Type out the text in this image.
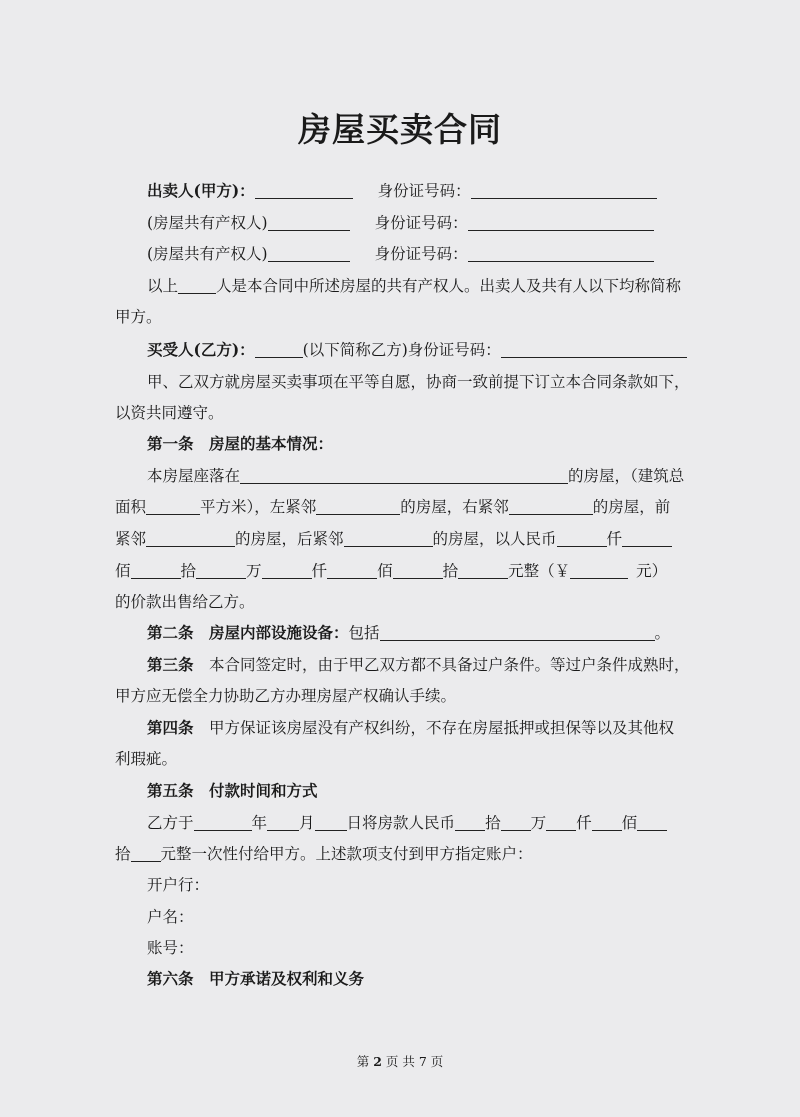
房屋买卖合同
出卖人(甲方)：	身份证号码：
(房屋共有产权人)	身份证号码：
(房屋共有产权人)	身份证号码：
以上 人是本合同中所述房屋的共有产权人。出卖人及共有人以下均称简称
甲方。
买受人(乙方)：	(以下简称乙方)身份证号码：
甲、乙双方就房屋买卖事项在平等自愿，协商一致前提下订立本合同条款如下，
以资共同遵守。
第一条　房屋的基本情况：
本房屋座落在	的房屋，（建筑总
面积	平方米），左紧邻	的房屋，右紧邻	的房屋，前
紧邻	的房屋，后紧邻	的房屋，以人民币	仟
佰	拾	万	仟	佰	拾	元整（￥	元）
的价款出售给乙方。
第二条　房屋内部设施设备：包括	。
第三条　本合同签定时，由于甲乙双方都不具备过户条件。等过户条件成熟时，
甲方应无偿全力协助乙方办理房屋产权确认手续。
第四条　甲方保证该房屋没有产权纠纷，不存在房屋抵押或担保等以及其他权
利瑕疵。
第五条　付款时间和方式
乙方于	年 月 日将房款人民币 拾 万 仟 佰
拾 元整一次性付给甲方。上述款项支付到甲方指定账户：
开户行：
户名：
账号：
第六条　甲方承诺及权利和义务
第 2 页 共 7 页
